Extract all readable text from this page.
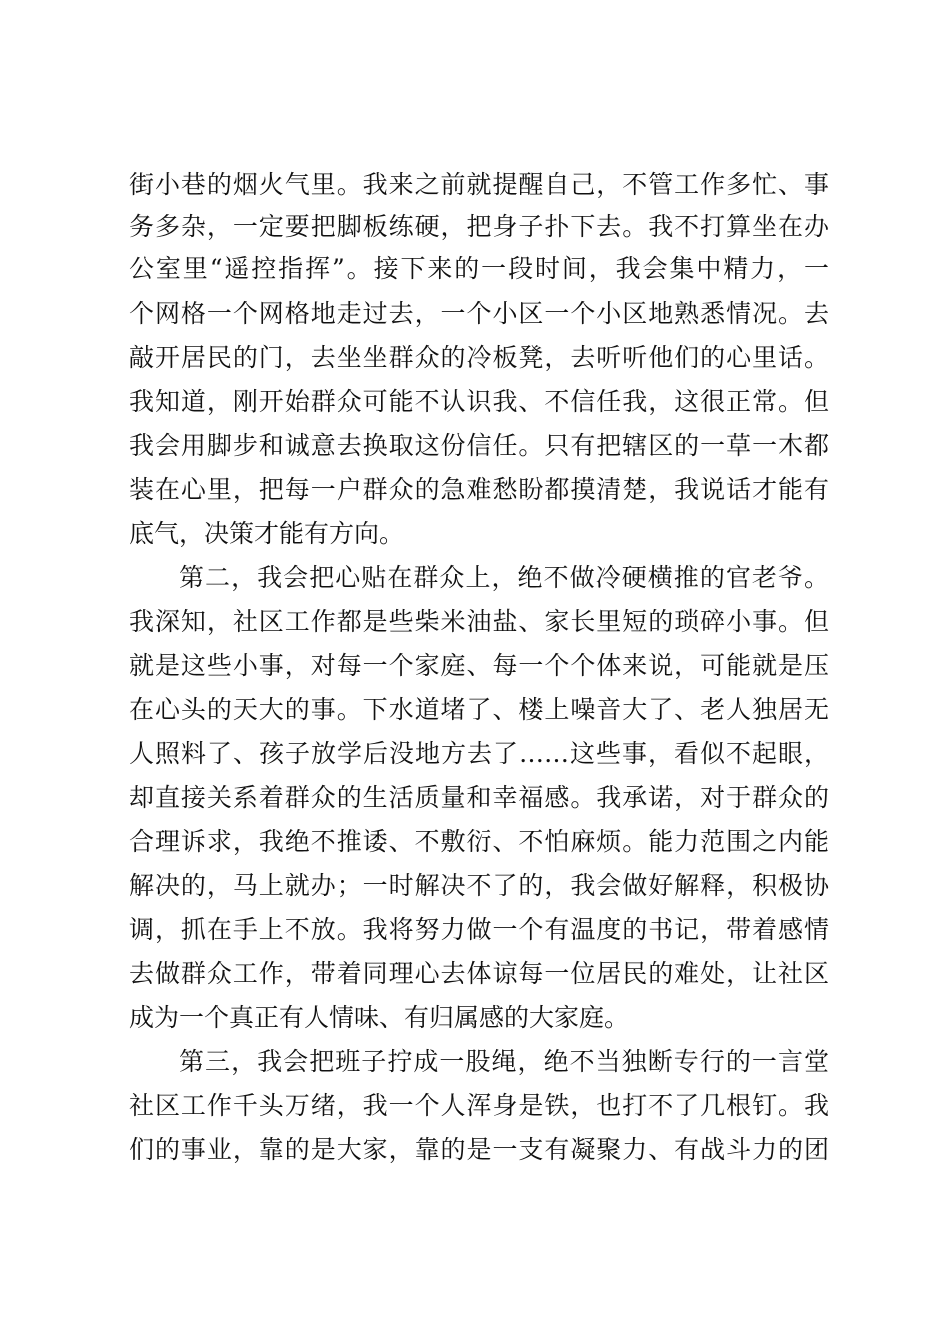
街小巷的烟火气里。我来之前就提醒自己，不管工作多忙、事
务多杂，一定要把脚板练硬，把身子扑下去。我不打算坐在办
公室里“遥控指挥”。接下来的一段时间，我会集中精力，一
个网格一个网格地走过去，一个小区一个小区地熟悉情况。去
敲开居民的门，去坐坐群众的冷板凳，去听听他们的心里话。
我知道，刚开始群众可能不认识我、不信任我，这很正常。但
我会用脚步和诚意去换取这份信任。只有把辖区的一草一木都
装在心里，把每一户群众的急难愁盼都摸清楚，我说话才能有
底气，决策才能有方向。
第二，我会把心贴在群众上，绝不做冷硬横推的官老爷。
我深知，社区工作都是些柴米油盐、家长里短的琐碎小事。但
就是这些小事，对每一个家庭、每一个个体来说，可能就是压
在心头的天大的事。下水道堵了、楼上噪音大了、老人独居无
人照料了、孩子放学后没地方去了……这些事，看似不起眼，
却直接关系着群众的生活质量和幸福感。我承诺，对于群众的
合理诉求，我绝不推诿、不敷衍、不怕麻烦。能力范围之内能
解决的，马上就办；一时解决不了的，我会做好解释，积极协
调，抓在手上不放。我将努力做一个有温度的书记，带着感情
去做群众工作，带着同理心去体谅每一位居民的难处，让社区
成为一个真正有人情味、有归属感的大家庭。
第三，我会把班子拧成一股绳，绝不当独断专行的一言堂
社区工作千头万绪，我一个人浑身是铁，也打不了几根钉。我
们的事业，靠的是大家，靠的是一支有凝聚力、有战斗力的团
